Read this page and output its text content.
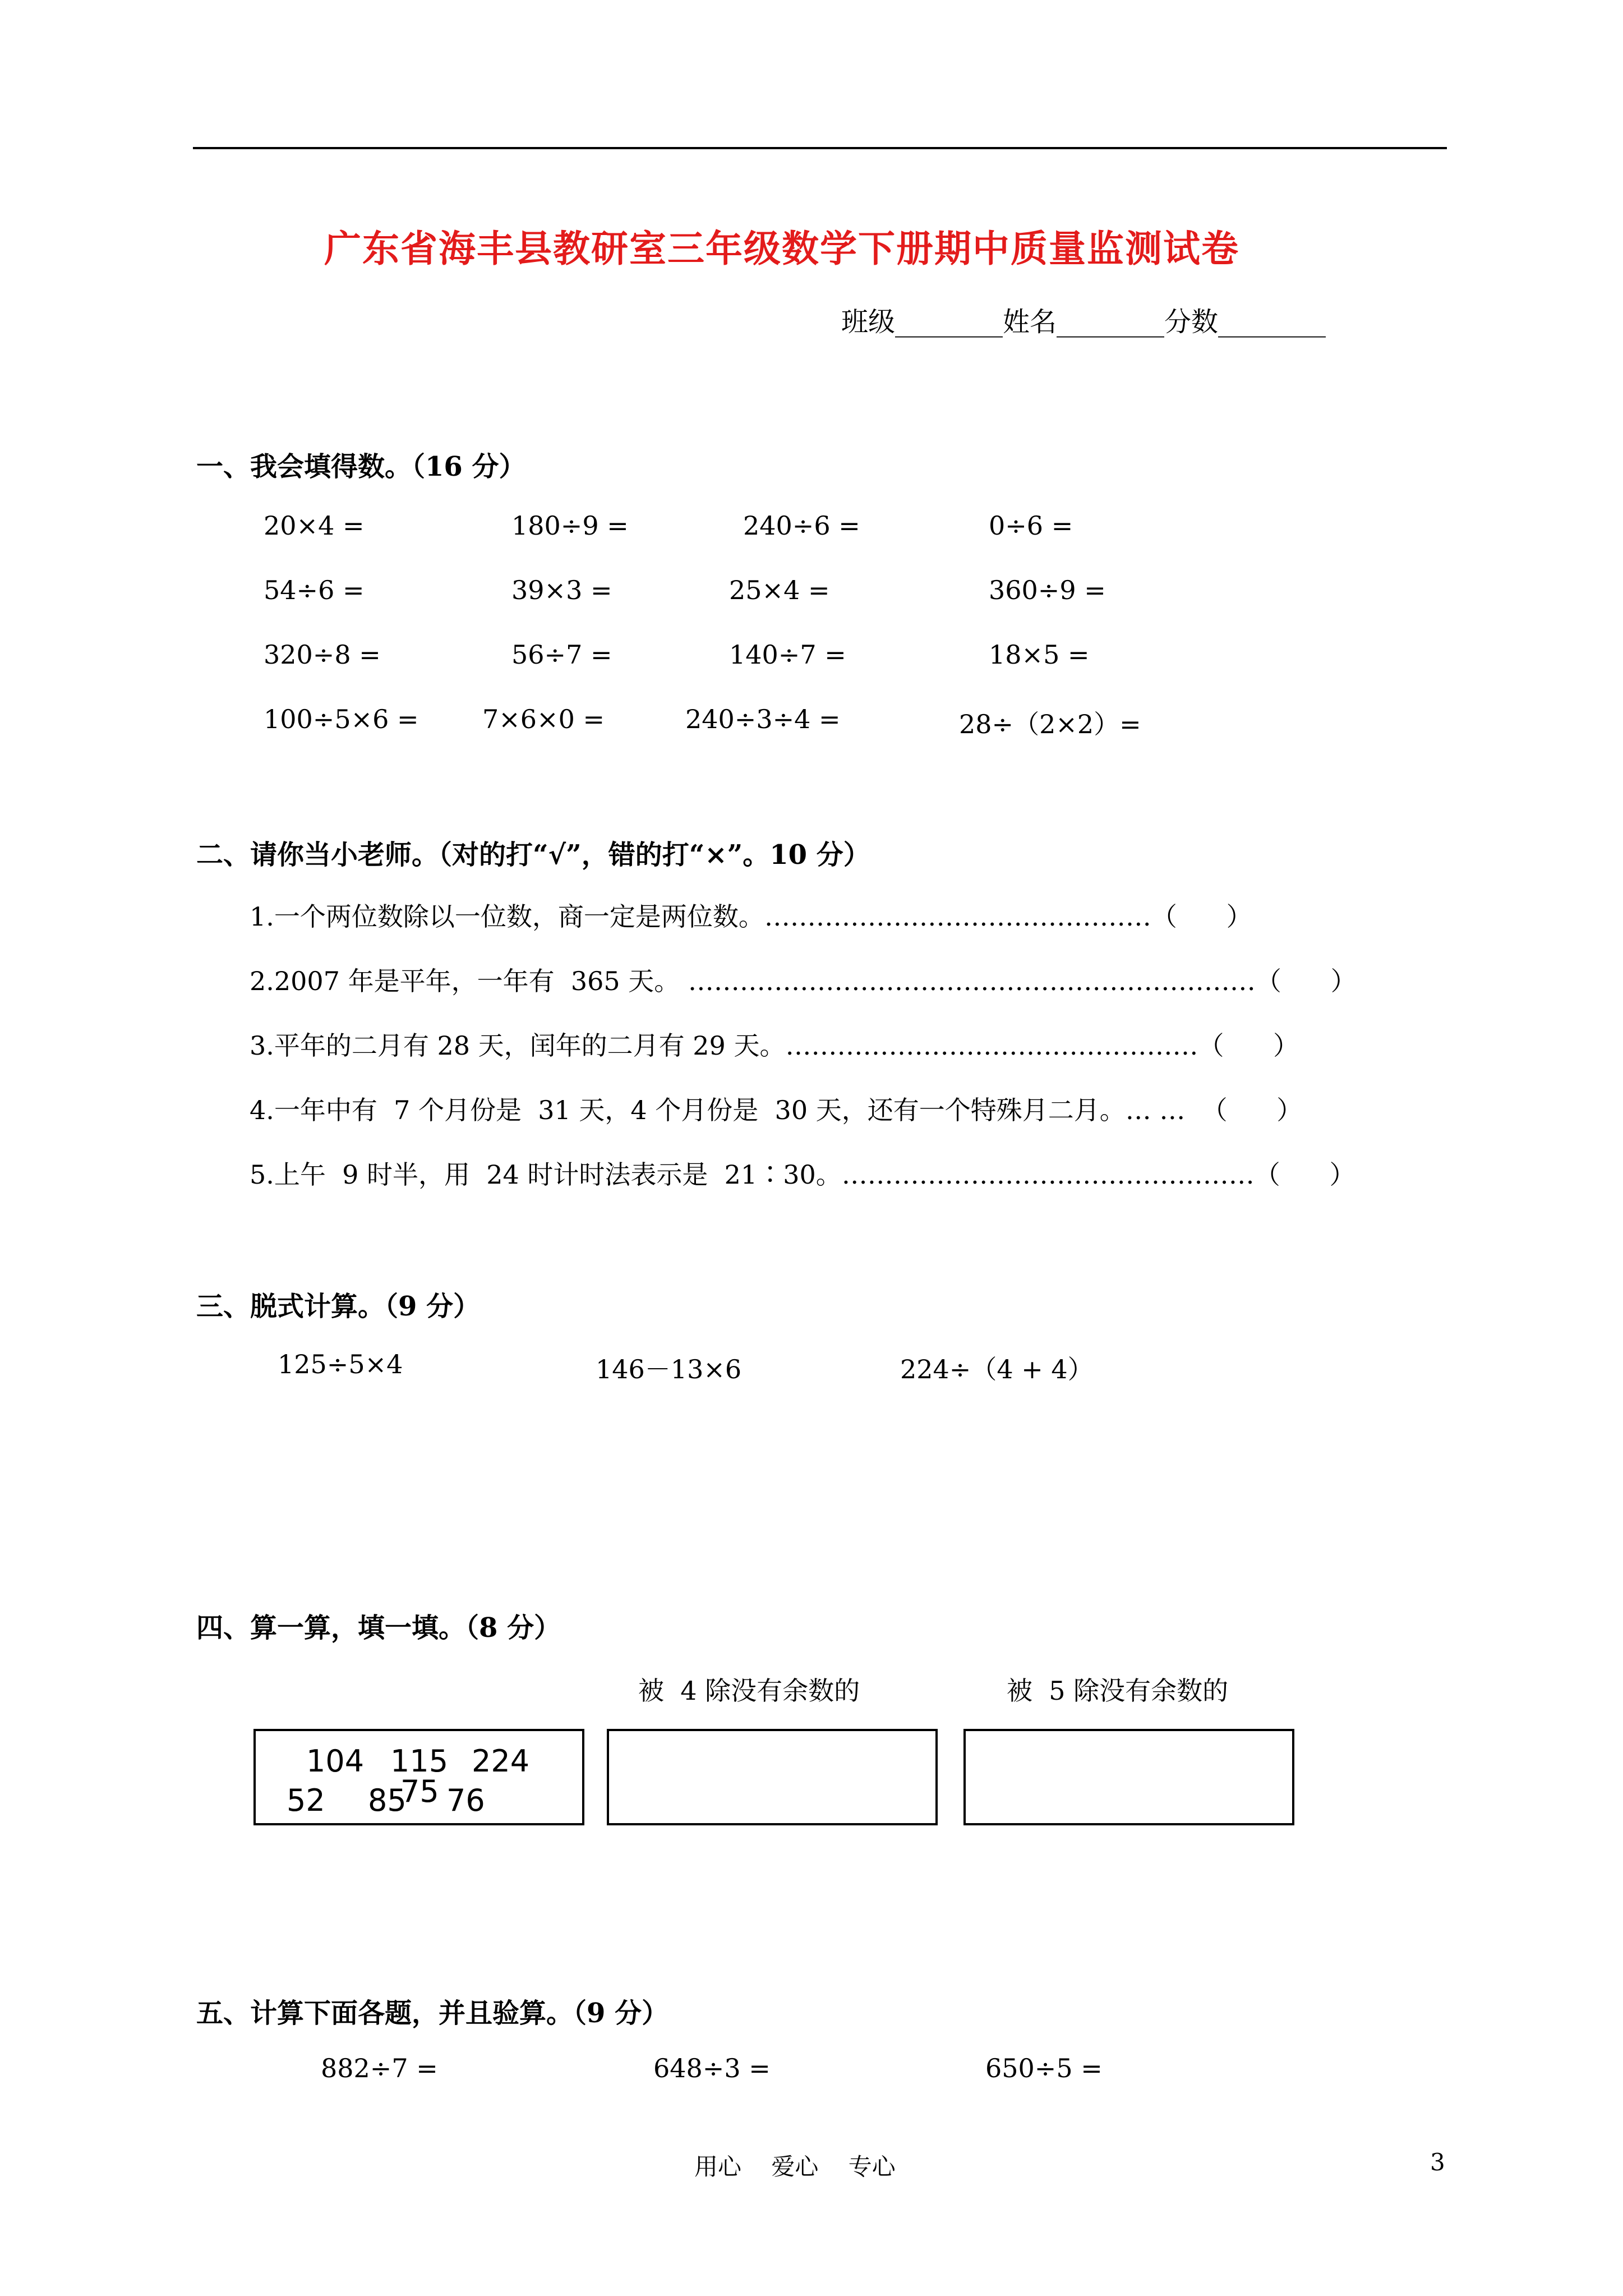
广东省海丰县教研室三年级数学下册期中质量监测试卷
班级________姓名________分数________
一、我会填得数。（16 分）
20×4 =	180÷9 =	240÷6 =	0÷6 =
54÷6 =	39×3 =	25×4 =	360÷9 =
320÷8 =	56÷7 =	140÷7 =	18×5 =
100÷5×6 = 7×6×0 =	240÷3÷4 =	28÷（2×2）=
二、请你当小老师。（对的打“√”，错的打“×”。10 分）
1.一个两位数除以一位数，商一定是两位数。………………………………………（      ）
2.2007 年是平年，一年有  365 天。 …………………………………………………………（      ）
3.平年的二月有 28 天，闰年的二月有 29 天。…………………………………………（      ）
4.一年中有  7 个月份是  31 天，4 个月份是  30 天，还有一个特殊月二月。… …  （      ）
5.上午  9 时半，用  24 时计时法表示是  21∶30。…………………………………………（      ）
三、脱式计算。（9 分）
125÷5×4	146－13×6	224÷（4 + 4）
四、算一算，填一填。（8 分）
被  4 除没有余数的	被  5 除没有余数的
104 115 224
52 85
75 76
五、计算下面各题，并且验算。（9 分）
882÷7 =	648÷3 =	650÷5 =
用心    爱心    专心	3
